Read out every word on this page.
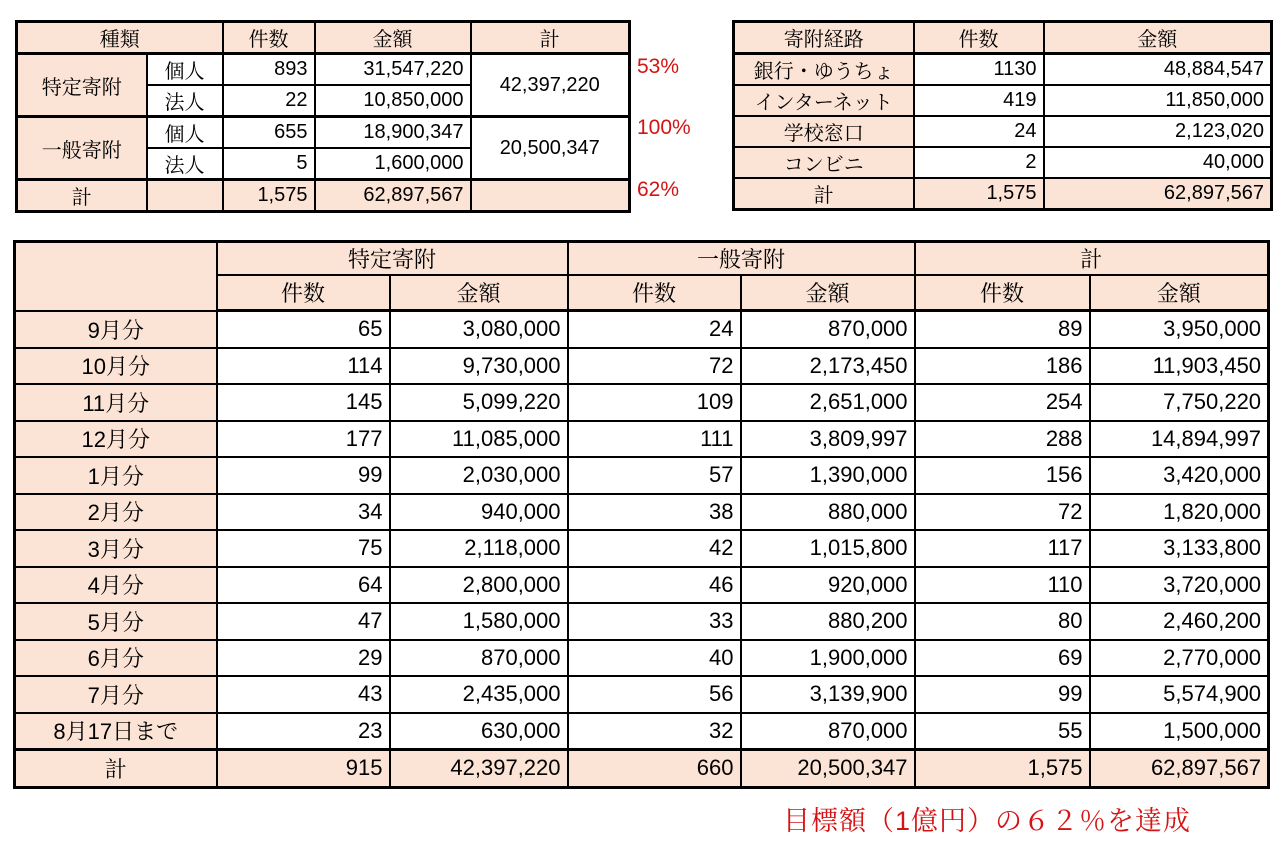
種類		件数	金額	計
特定寄附	個人	893	31,547,220	42,397,220
	法人	22	10,850,000	
一般寄附	個人	655	18,900,347	20,500,347
	法人	5	1,600,000	
計		1,575	62,897,567	
53%
100%
62%
寄附経路	件数	金額
銀行・ゆうちょ	1130	48,884,547
インターネット	419	11,850,000
学校窓口	24	2,123,020
コンビニ	2	40,000
計	1,575	62,897,567
	特定寄附		一般寄附		計	
	件数	金額	件数	金額	件数	金額
9月分	65	3,080,000	24	870,000	89	3,950,000
10月分	114	9,730,000	72	2,173,450	186	11,903,450
11月分	145	5,099,220	109	2,651,000	254	7,750,220
12月分	177	11,085,000	111	3,809,997	288	14,894,997
1月分	99	2,030,000	57	1,390,000	156	3,420,000
2月分	34	940,000	38	880,000	72	1,820,000
3月分	75	2,118,000	42	1,015,800	117	3,133,800
4月分	64	2,800,000	46	920,000	110	3,720,000
5月分	47	1,580,000	33	880,200	80	2,460,200
6月分	29	870,000	40	1,900,000	69	2,770,000
7月分	43	2,435,000	56	3,139,900	99	5,574,900
8月17日まで	23	630,000	32	870,000	55	1,500,000
計	915	42,397,220	660	20,500,347	1,575	62,897,567
目標額（1億円）の６２％を達成
